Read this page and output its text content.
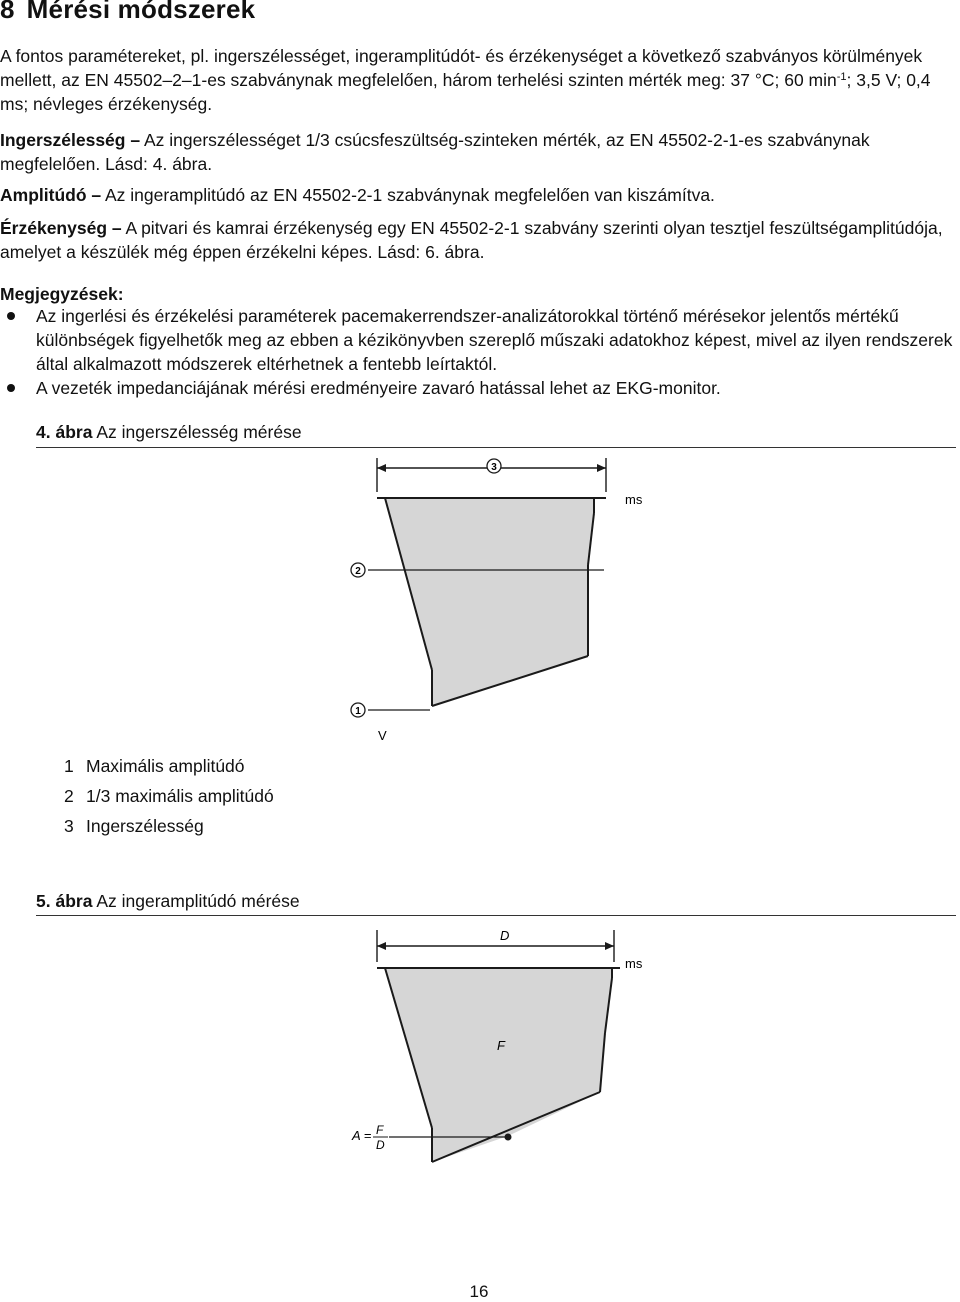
8 Mérési módszerek

A fontos paramétereket, pl. ingerszélességet, ingeramplitúdót- és érzékenységet a következő szabványos körülmények mellett, az EN 45502–2–1-es szabványnak megfelelően, három terhelési szinten mérték meg: 37 °C; 60 $\min^{-1}$; 3,5 V; 0,4 ms; névleges érzékenység.

Ingerszélesség – Az ingerszélességet 1/3 csúcsfeszültség-szinteken mérték, az EN 45502-2-1-es szabványnak megfelelően. Lásd: 4. ábra.

Amplitúdó – Az ingeramplitúdó az EN 45502-2-1 szabványnak megfelelően van kiszámítva.

Érzékenység – A pitvari és kamrai érzékenység egy EN 45502-2-1 szabvány szerinti olyan tesztjel feszültségamplitúdója, amelyet a készülék még éppen érzékelni képes. Lásd: 6. ábra.

Megjegyzések:

Az ingerlési és érzékelési paraméterek pacemakerrendszer-analizátorokkal történő mérésekor jelentős mértékű különbségek figyelhetők meg az ebben a kézikönyvben szereplő műszaki adatokhoz képest, mivel az ilyen rendszerek által alkalmazott módszerek eltérhetnek a fentebb leírtaktól.
A vezeték impedanciájának mérési eredményeire zavaró hatással lehet az EKG-monitor.
4. ábra Az ingerszélesség mérése
3
ms
2
1
V
1 Maximális amplitúdó
2 1/3 maximális amplitúdó
3 Ingerszélesség
5. ábra Az ingeramplitúdó mérése
D
ms
F
A = F
D
16
